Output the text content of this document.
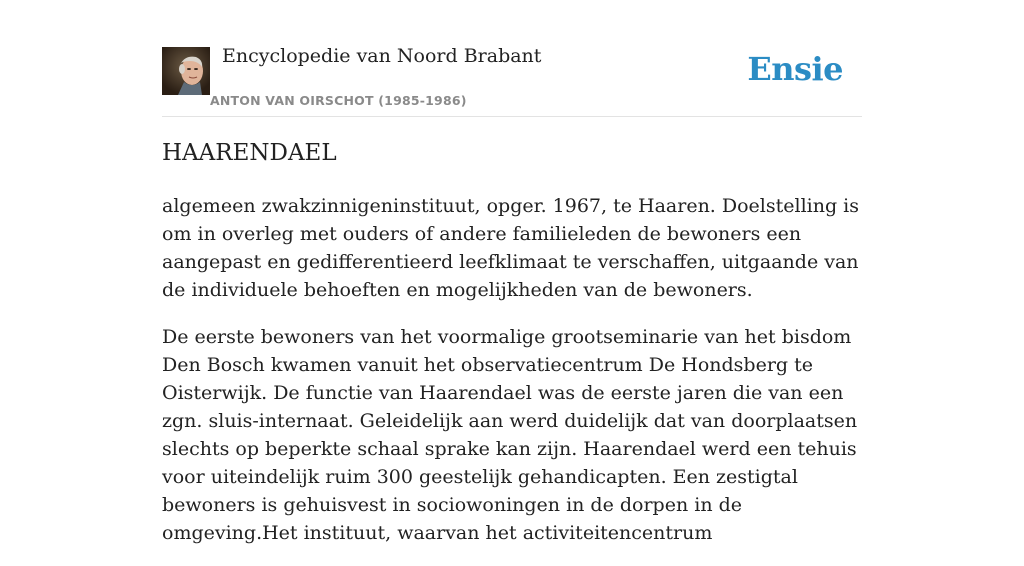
Encyclopedie van Noord Brabant
ANTON VAN OIRSCHOT (1985-1986)
Ensie
HAARENDAEL

algemeen zwakzinnigeninstituut, opger. 1967, te Haaren. Doelstelling is om in overleg met ouders of andere familieleden de bewoners een aangepast en gedifferentieerd leefklimaat te verschaffen, uitgaande van de individuele behoeften en mogelijkheden van de bewoners.

De eerste bewoners van het voormalige grootseminarie van het bisdom Den Bosch kwamen vanuit het observatiecentrum De Hondsberg te Oisterwijk. De functie van Haarendael was de eerste jaren die van een zgn. sluis-internaat. Geleidelijk aan werd duidelijk dat van doorplaatsen slechts op beperkte schaal sprake kan zijn. Haarendael werd een tehuis voor uiteindelijk ruim 300 geestelijk gehandicapten. Een zestigtal bewoners is gehuisvest in sociowoningen in de dorpen in de omgeving.Het instituut, waarvan het activiteitencentrum
